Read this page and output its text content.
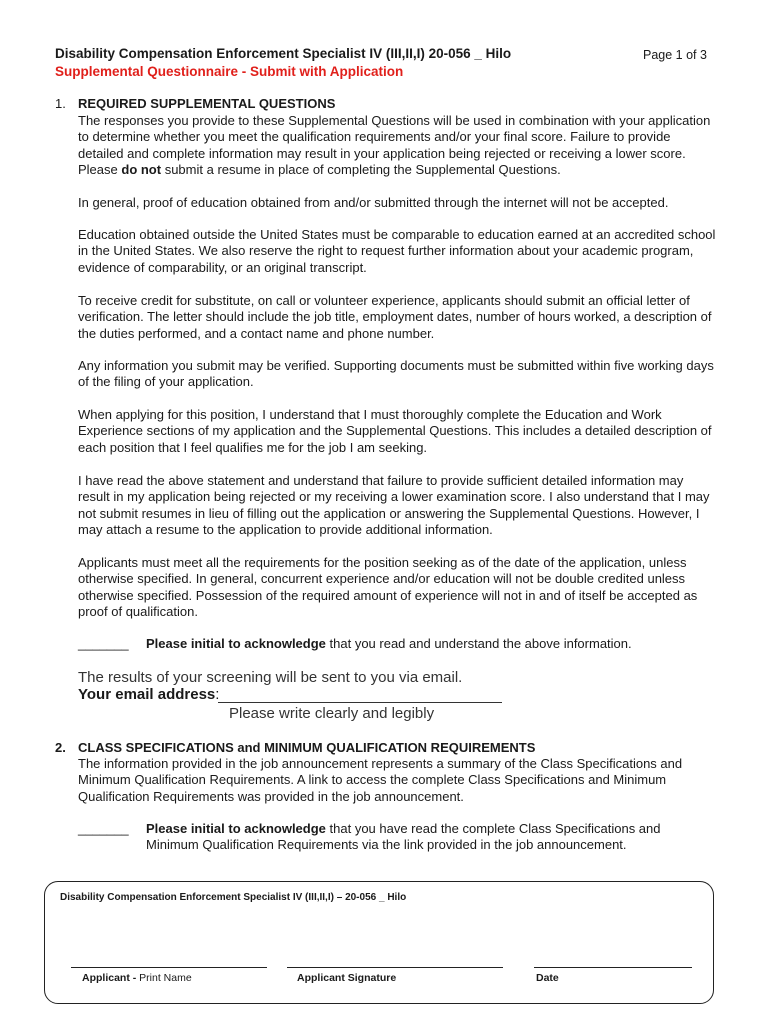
Disability Compensation Enforcement Specialist IV (III,II,I) 20-056 _ Hilo
Supplemental Questionnaire - Submit with Application
Page 1 of 3
1. REQUIRED SUPPLEMENTAL QUESTIONS
The responses you provide to these Supplemental Questions will be used in combination with your application to determine whether you meet the qualification requirements and/or your final score. Failure to provide detailed and complete information may result in your application being rejected or receiving a lower score. Please do not submit a resume in place of completing the Supplemental Questions.
In general, proof of education obtained from and/or submitted through the internet will not be accepted.
Education obtained outside the United States must be comparable to education earned at an accredited school in the United States. We also reserve the right to request further information about your academic program, evidence of comparability, or an original transcript.
To receive credit for substitute, on call or volunteer experience, applicants should submit an official letter of verification. The letter should include the job title, employment dates, number of hours worked, a description of the duties performed, and a contact name and phone number.
Any information you submit may be verified. Supporting documents must be submitted within five working days of the filing of your application.
When applying for this position, I understand that I must thoroughly complete the Education and Work Experience sections of my application and the Supplemental Questions. This includes a detailed description of each position that I feel qualifies me for the job I am seeking.
I have read the above statement and understand that failure to provide sufficient detailed information may result in my application being rejected or my receiving a lower examination score. I also understand that I may not submit resumes in lieu of filling out the application or answering the Supplemental Questions. However, I may attach a resume to the application to provide additional information.
Applicants must meet all the requirements for the position seeking as of the date of the application, unless otherwise specified. In general, concurrent experience and/or education will not be double credited unless otherwise specified. Possession of the required amount of experience will not in and of itself be accepted as proof of qualification.
_______ Please initial to acknowledge that you read and understand the above information.
The results of your screening will be sent to you via email.
Your email address:
Please write clearly and legibly
2. CLASS SPECIFICATIONS and MINIMUM QUALIFICATION REQUIREMENTS
The information provided in the job announcement represents a summary of the Class Specifications and Minimum Qualification Requirements. A link to access the complete Class Specifications and Minimum Qualification Requirements was provided in the job announcement.
_______ Please initial to acknowledge that you have read the complete Class Specifications and Minimum Qualification Requirements via the link provided in the job announcement.
Disability Compensation Enforcement Specialist IV (III,II,I) – 20-056 _ Hilo
Applicant - Print Name	Applicant Signature	Date
